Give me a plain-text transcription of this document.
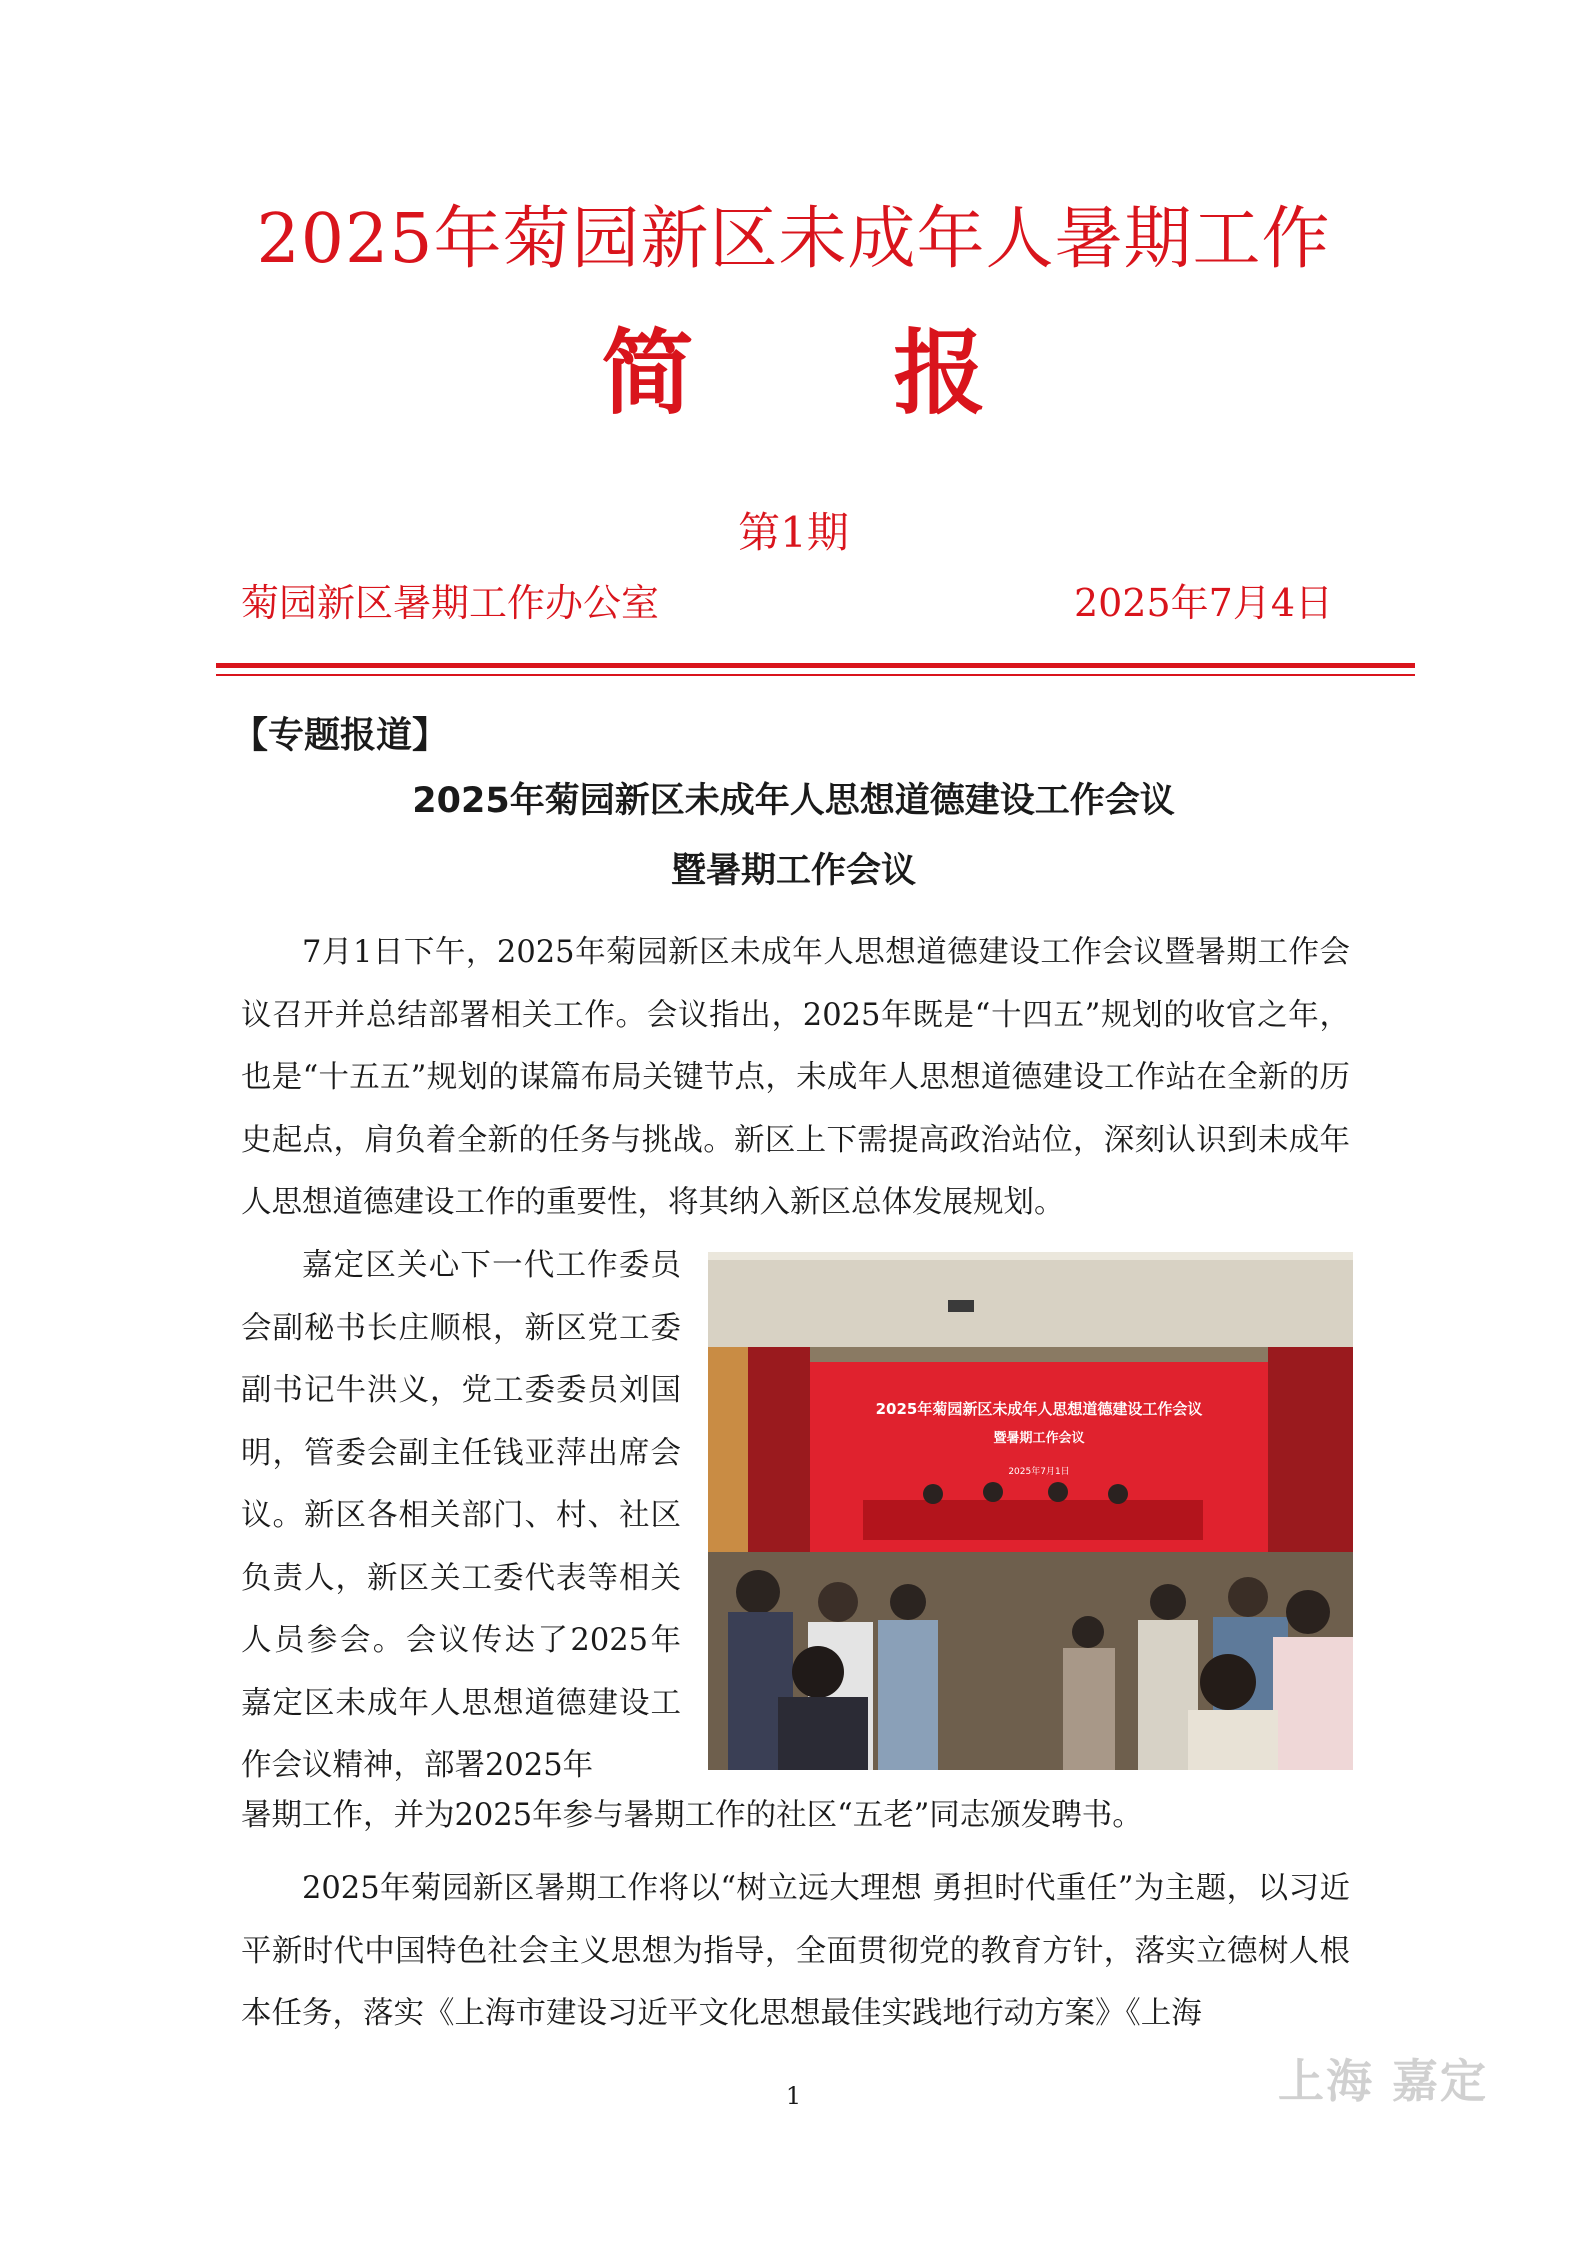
2025年菊园新区未成年人暑期工作
简报
第1期
菊园新区暑期工作办公室	2025年7月4日
【专题报道】
2025年菊园新区未成年人思想道德建设工作会议
暨暑期工作会议

7月1日下午，2025年菊园新区未成年人思想道德建设工作会议暨暑期工作会议召开并总结部署相关工作。会议指出，2025年既是“十四五”规划的收官之年，也是“十五五”规划的谋篇布局关键节点，未成年人思想道德建设工作站在全新的历史起点，肩负着全新的任务与挑战。新区上下需提高政治站位，深刻认识到未成年人思想道德建设工作的重要性，将其纳入新区总体发展规划。

嘉定区关心下一代工作委员会副秘书长庄顺根，新区党工委副书记牛洪义，党工委委员刘国明，管委会副主任钱亚萍出席会议。新区各相关部门、村、社区负责人，新区关工委代表等相关人员参会。会议传达了2025年嘉定区未成年人思想道德建设工作会议精神，部署2025年

2025年菊园新区未成年人思想道德建设工作会议
暨暑期工作会议
2025年7月1日

暑期工作，并为2025年参与暑期工作的社区“五老”同志颁发聘书。

2025年菊园新区暑期工作将以“树立远大理想 勇担时代重任”为主题，以习近平新时代中国特色社会主义思想为指导，全面贯彻党的教育方针，落实立德树人根本任务，落实《上海市建设习近平文化思想最佳实践地行动方案》《上海

1	上海 嘉定
